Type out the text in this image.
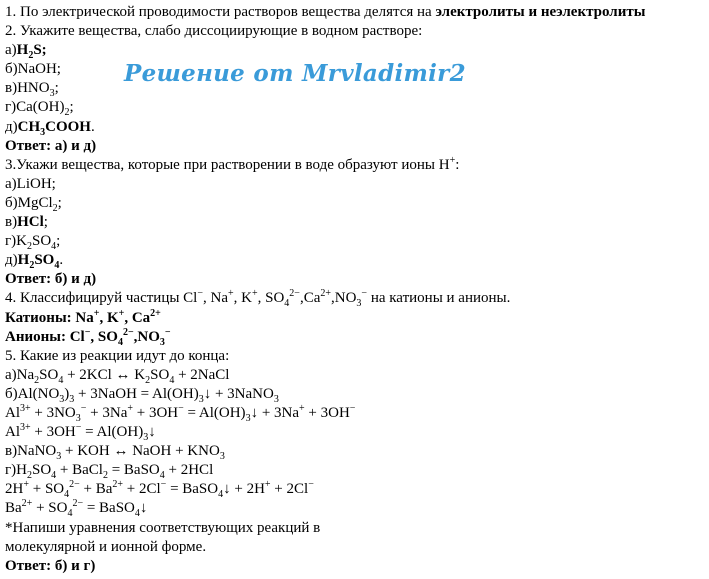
1. По электрической проводимости растворов вещества делятся на электролиты и неэлектролиты
2. Укажите вещества, слабо диссоциирующие в водном растворе:
$а)H_2S$;
б)NaOH;
$в)HNO_3$;
$г)Ca(OH)_2$;
$д)CH_3COOH$.
Ответ: а) и д)
3.Укажи вещества, которые при растворении в воде образуют ионы H+:
а)LiOH;
б)MgCl$_2$;
в)HCl;
$г)K_2SO_4$;
$д)H_2SO_4$.
Ответ: б) и д)
4. Классифицируй частицы Cl−, Na+, K+, $SO_4^{2-},Ca^{2+},NO_3^-$ на катионы и анионы.
Катионы: Na+, K+, $Ca^{2+}$
Анионы: Cl−, $SO_4^{2-},NO_3^-$
5. Какие из реакции идут до конца:
$а)Na_2SO_4 + 2KCl$ ↔ $K_2SO_4$ + 2NaCl
$б)Al(NO_3)_3$ + 3NaOH = $Al(OH)_3↓$ + 3NaNO$_3$
$Al^{3+} + 3NO_3^- + 3Na^+ + 3OH^-$ = $Al(OH)_3↓ + 3Na^+ + 3OH^-$
$Al^{3+} + 3OH^-$ = $Al(OH)_3↓$
в)NaNO$_3$ + KOH ↔ NaOH + $KNO_3$
$г)H_2SO_4$ + BaCl$_2$ = BaSO$_4$ + 2HCl
$2H^+ + SO_4^{2-} + Ba^{2+} + 2Cl^-$ = BaSO$_4$↓ + 2H+ + 2Cl−
$Ba^{2+} + SO_4^{2-}$ = BaSO$_4$↓
*Напиши уравнения соответствующих реакций в
молекулярной и ионной форме.
Ответ: б) и г)
Решение от Mrvladimir2
